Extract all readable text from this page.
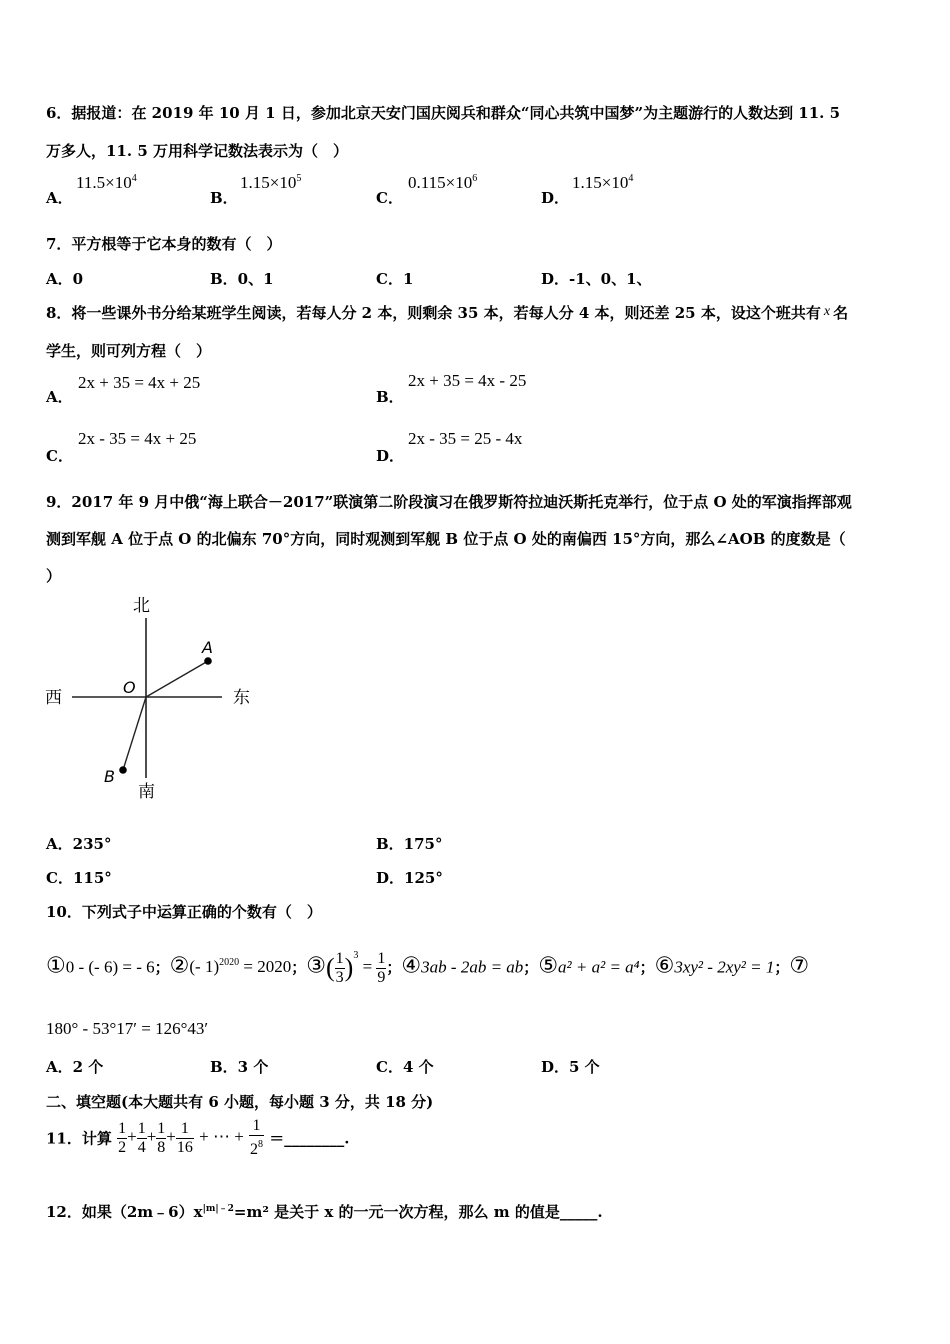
6．据报道：在 2019 年 10 月 1 日，参加北京天安门国庆阅兵和群众“同心共筑中国梦”为主题游行的人数达到 11. 5
万多人，11. 5 万用科学记数法表示为（　）
A．
$11.5\times 10^4$
B．
$1.15\times 10^5$
C．
$0.115\times 10^6$
D．
$1.15\times 10^4$
7．平方根等于它本身的数有（　）
A．0	B．0、1	C．1	D．-1、0、1、
8．将一些课外书分给某班学生阅读，若每人分 2 本，则剩余 35 本，若每人分 4 本，则还差 25 本，设这个班共有 x 名
学生，则可列方程（　）
A．
2x + 35 = 4x + 25
B．
2x + 35 = 4x - 25
C．
2x - 35 = 4x + 25
D．
2x - 35 = 25 - 4x
9．2017 年 9 月中俄“海上联合－2017”联演第二阶段演习在俄罗斯符拉迪沃斯托克举行，位于点 O 处的军演指挥部观
测到军舰 A 位于点 O 的北偏东 70°方向，同时观测到军舰 B 位于点 O 处的南偏西 15°方向，那么∠AOB 的度数是（
）
北
南
西	东
O
A
B
A．235°	B．175°
C．115°	D．125°
10．下列式子中运算正确的个数有（　）
①0 - (- 6) = - 6；②(- 1)$^{2020}$ = 2020；③( $\frac{1}{3} )^3 = \frac{1}{9}$ ；④3ab - 2ab = ab；⑤a² + a² = a⁴；⑥3xy² - 2xy² = 1；⑦
180° - 53°17′ = 126°43′
A．2 个	B．3 个	C．4 个	D．5 个
二、填空题(本大题共有 6 小题，每小题 3 分，共 18 分)
11．计算 $\frac{1}{2} + \frac{1}{4} + \frac{1}{8} + \frac{1}{16}$ + ⋯ + $\frac{1}{2^8}$ ＝________.
12．如果$(2m﹣6)x^{|m|﹣2}=m^2$ 是关于 x 的一元一次方程，那么 m 的值是_____.
